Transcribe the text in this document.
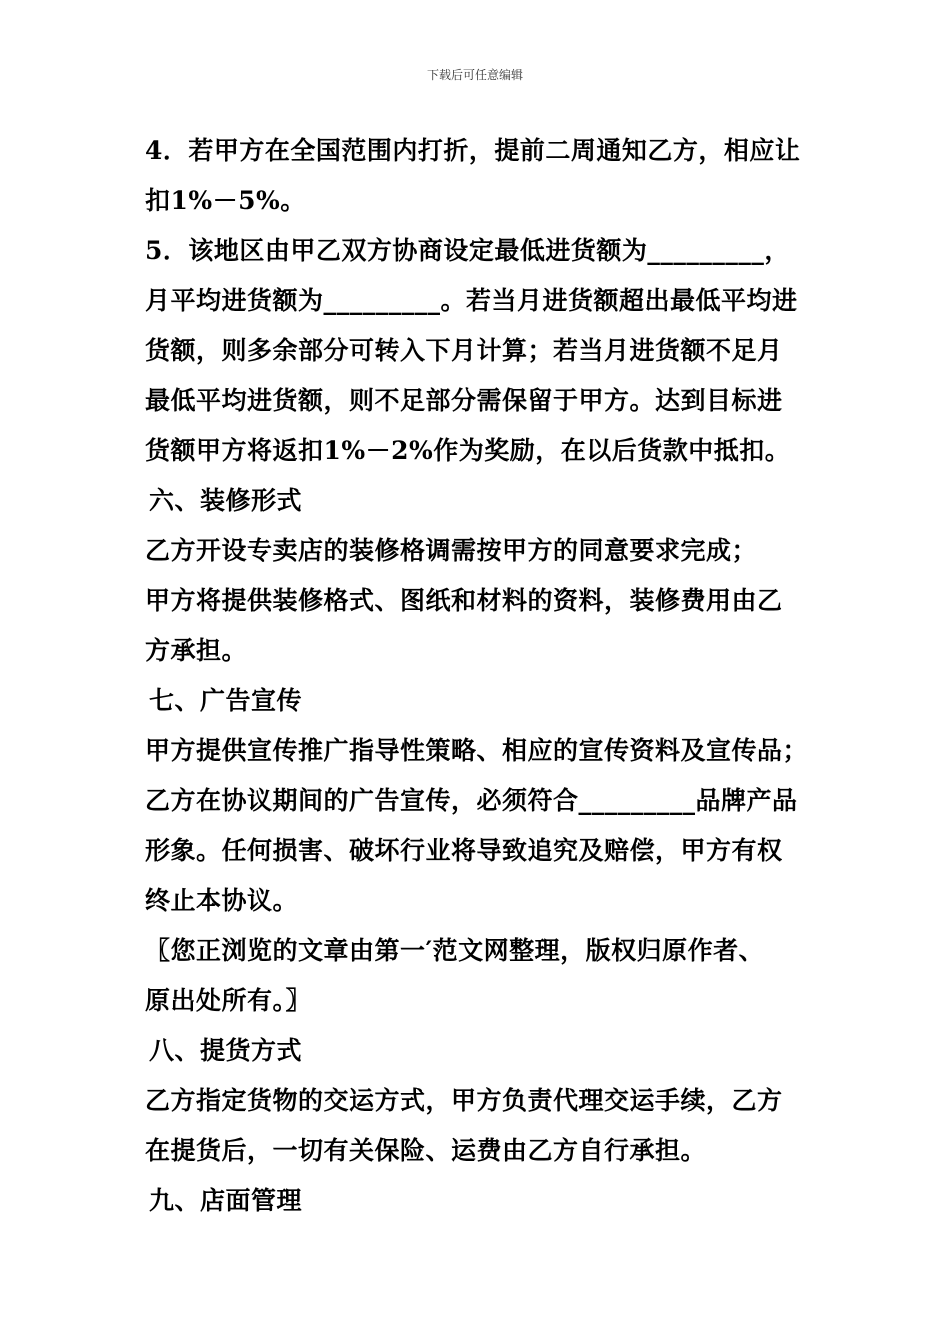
下载后可任意编辑
4．若甲方在全国范围内打折，提前二周通知乙方，相应让
扣1%－5%。
5．该地区由甲乙双方协商设定最低进货额为_________，
月平均进货额为_________。若当月进货额超出最低平均进
货额，则多余部分可转入下月计算；若当月进货额不足月
最低平均进货额，则不足部分需保留于甲方。达到目标进
货额甲方将返扣1%－2%作为奖励，在以后货款中抵扣。
六、装修形式
乙方开设专卖店的装修格调需按甲方的同意要求完成；
甲方将提供装修格式、图纸和材料的资料，装修费用由乙
方承担。
七、广告宣传
甲方提供宣传推广指导性策略、相应的宣传资料及宣传品；
乙方在协议期间的广告宣传，必须符合_________品牌产品
形象。任何损害、破坏行业将导致追究及赔偿，甲方有权
终止本协议。
〖您正浏览的文章由第一′范文网整理，版权归原作者、
原出处所有。〗
八、提货方式
乙方指定货物的交运方式，甲方负责代理交运手续，乙方
在提货后，一切有关保险、运费由乙方自行承担。
九、店面管理
